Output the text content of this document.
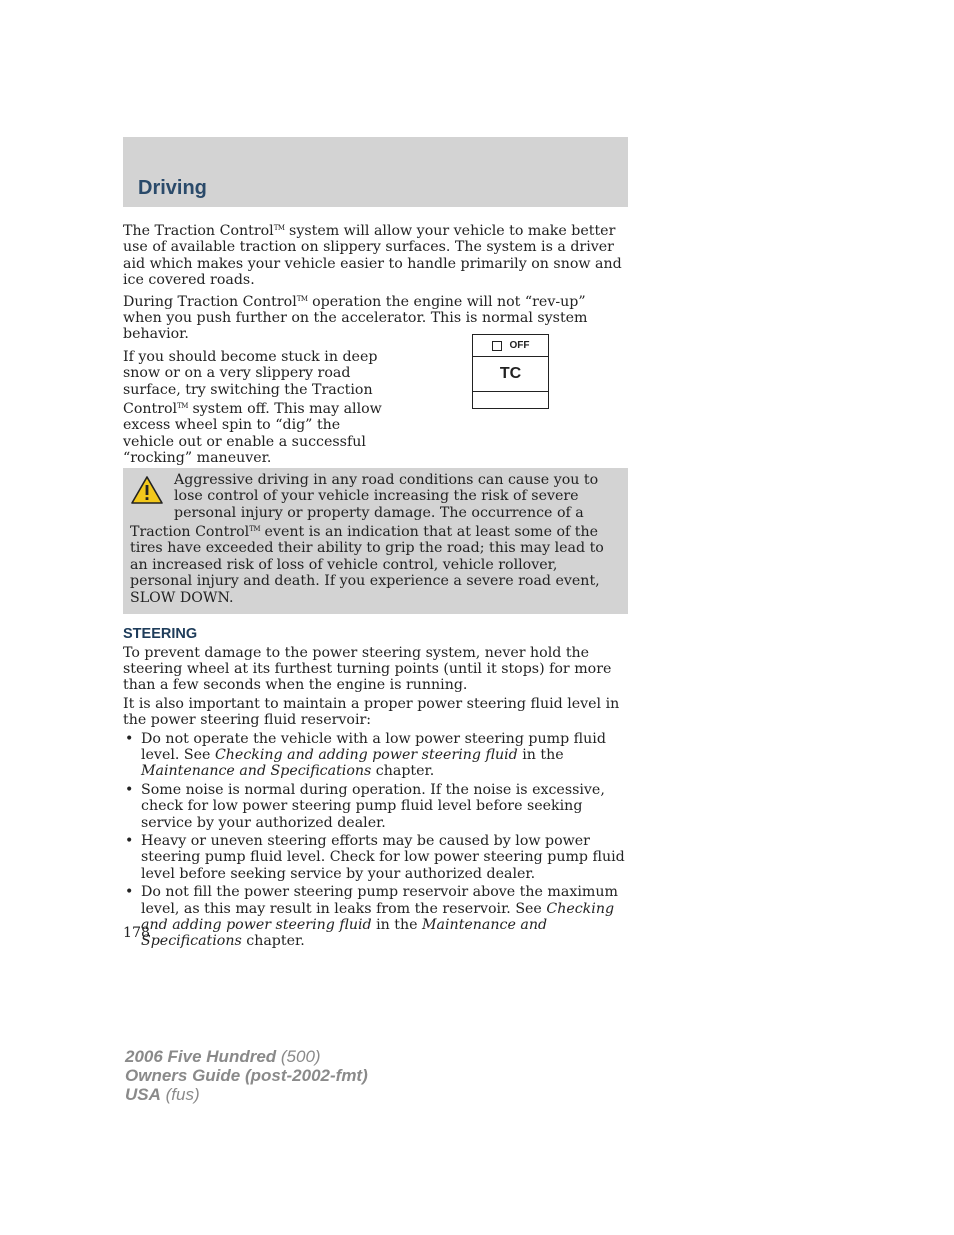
Driving

The Traction Control™ system will allow your vehicle to make better use of available traction on slippery surfaces. The system is a driver aid which makes your vehicle easier to handle primarily on snow and ice covered roads.

During Traction Control™ operation the engine will not “rev-up” when you push further on the accelerator. This is normal system behavior.

If you should become stuck in deep snow or on a very slippery road surface, try switching the Traction Control™ system off. This may allow excess wheel spin to “dig” the vehicle out or enable a successful “rocking” maneuver.

Aggressive driving in any road conditions can cause you to lose control of your vehicle increasing the risk of severe personal injury or property damage. The occurrence of a Traction Control™ event is an indication that at least some of the tires have exceeded their ability to grip the road; this may lead to an increased risk of loss of vehicle control, vehicle rollover, personal injury and death. If you experience a severe road event, SLOW DOWN.
STEERING

To prevent damage to the power steering system, never hold the steering wheel at its furthest turning points (until it stops) for more than a few seconds when the engine is running.

It is also important to maintain a proper power steering fluid level in the power steering fluid reservoir:

• Do not operate the vehicle with a low power steering pump fluid level. See Checking and adding power steering fluid in the Maintenance and Specifications chapter.
• Some noise is normal during operation. If the noise is excessive, check for low power steering pump fluid level before seeking service by your authorized dealer.
• Heavy or uneven steering efforts may be caused by low power steering pump fluid level. Check for low power steering pump fluid level before seeking service by your authorized dealer.
• Do not fill the power steering pump reservoir above the maximum level, as this may result in leaks from the reservoir. See Checking and adding power steering fluid in the Maintenance and Specifications chapter.
OFF
TC
178
2006 Five Hundred (500)
Owners Guide (post-2002-fmt)
USA (fus)
